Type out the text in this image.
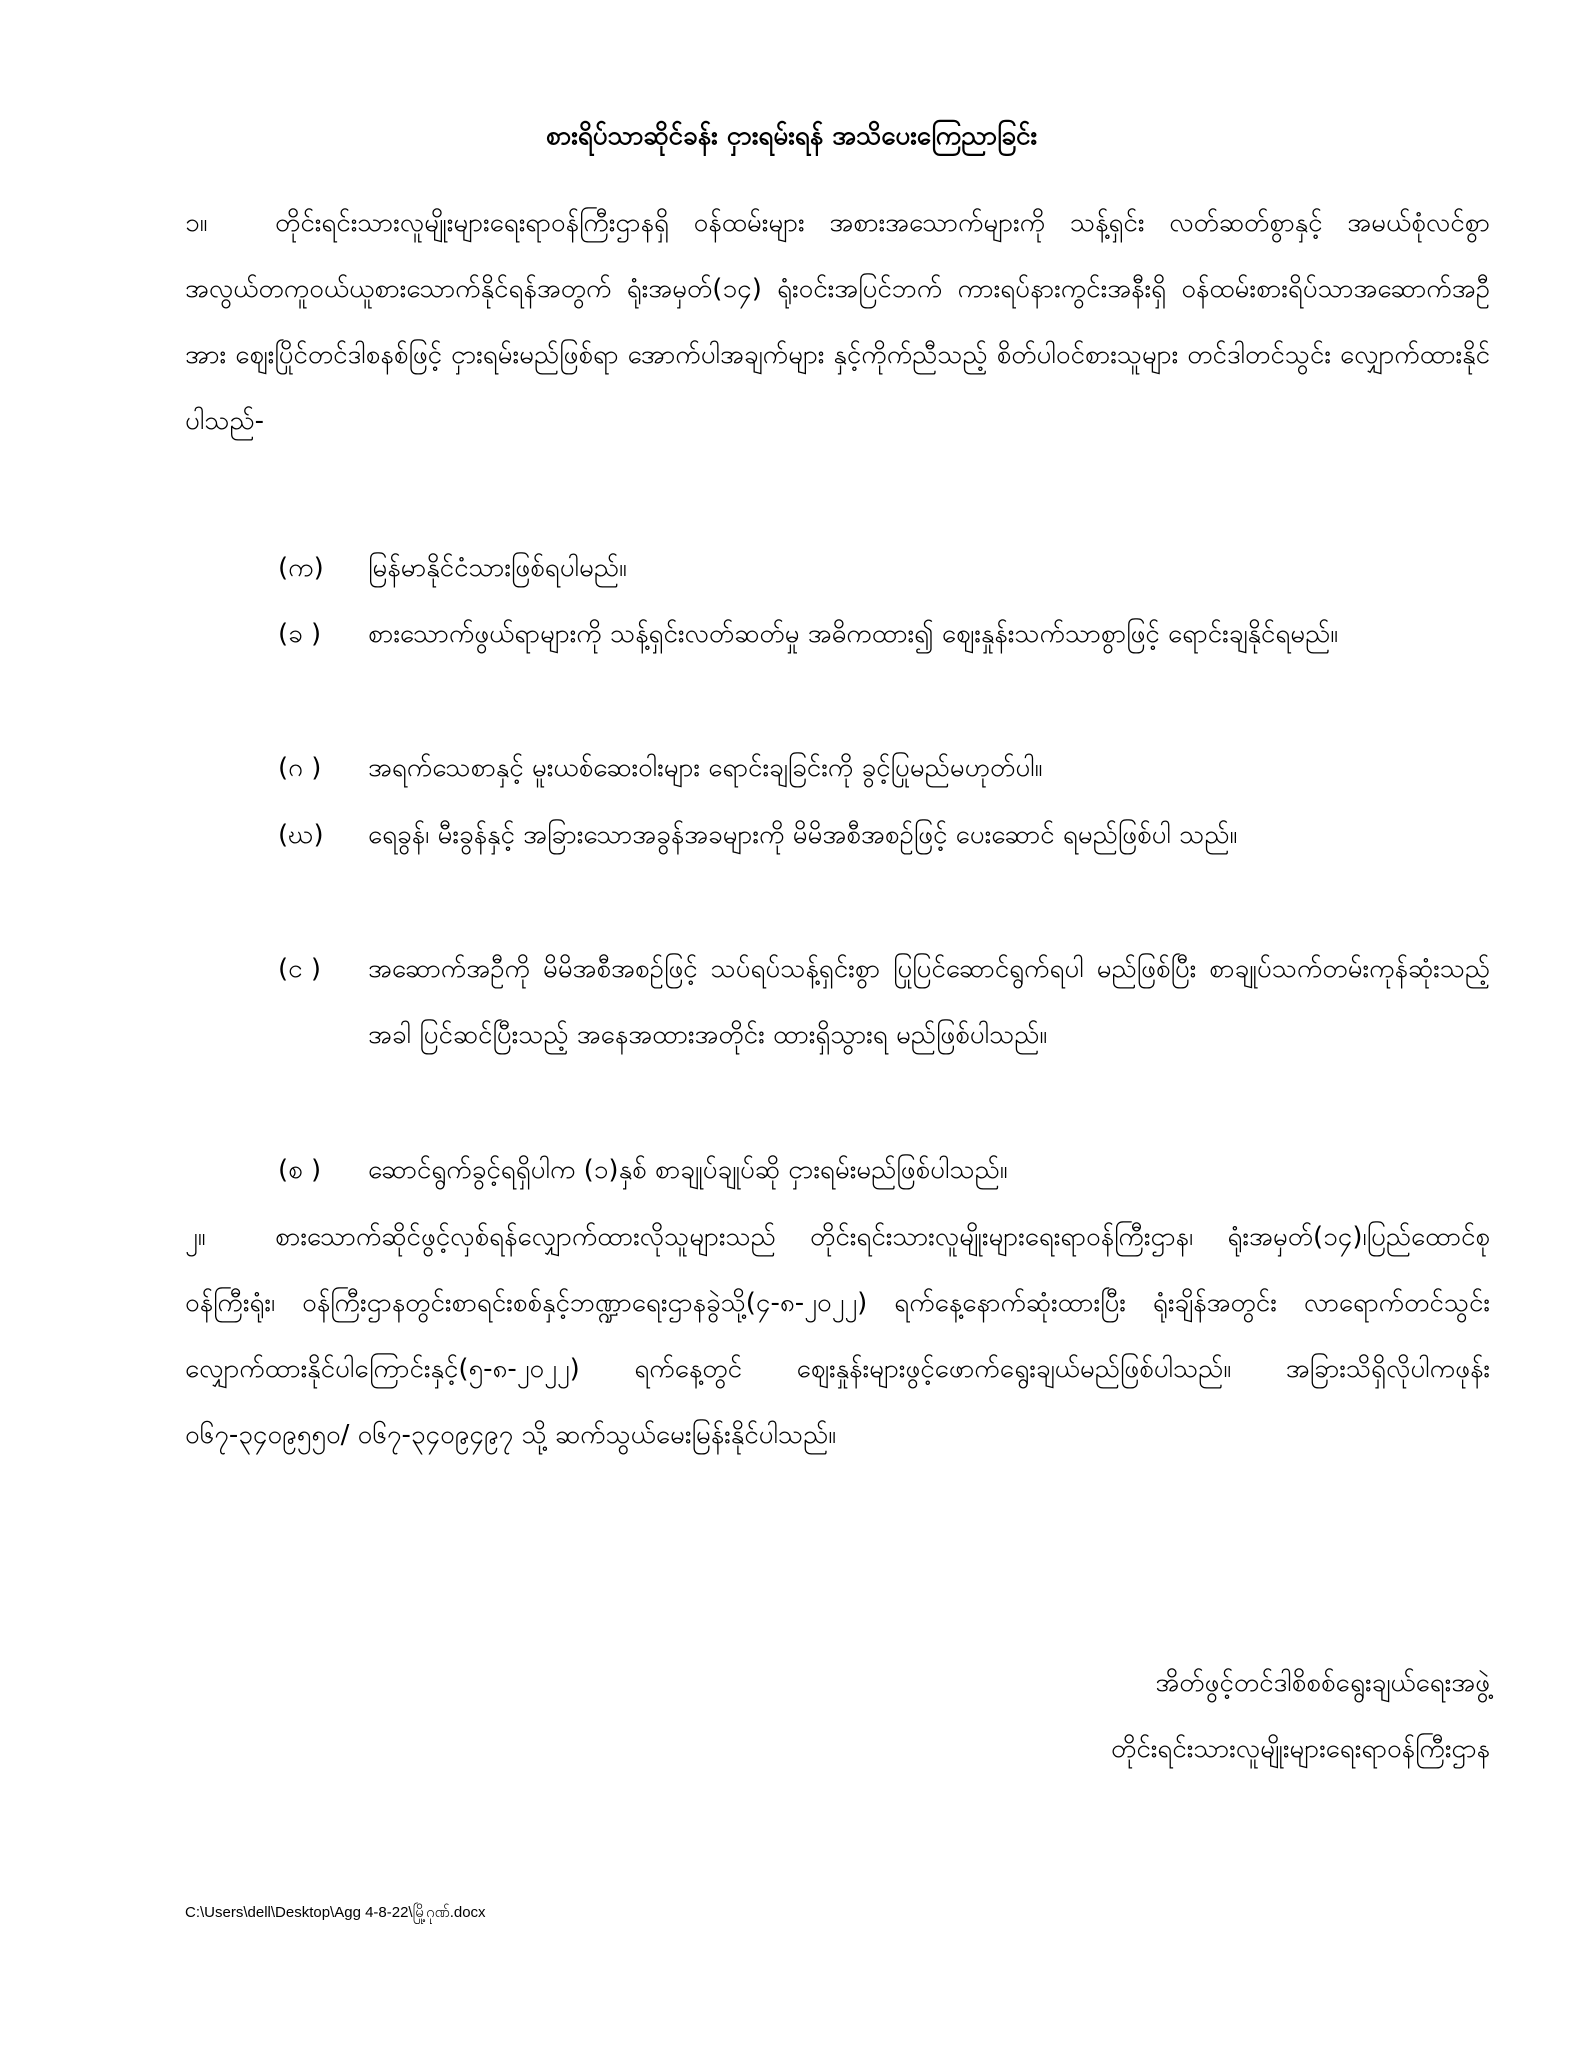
စားရိပ်သာဆိုင်ခန်း ငှားရမ်းရန် အသိပေးကြေညာခြင်း
၁။	တိုင်းရင်းသားလူမျိုးများရေးရာဝန်ကြီးဌာနရှိ ဝန်ထမ်းများ အစားအသောက်များကို သန့်ရှင်း လတ်ဆတ်စွာနှင့် အမယ်စုံလင်စွာ အလွယ်တကူဝယ်ယူစားသောက်နိုင်ရန်အတွက် ရုံးအမှတ်(၁၄) ရုံးဝင်းအပြင်ဘက် ကားရပ်နားကွင်းအနီးရှိ ဝန်ထမ်းစားရိပ်သာအဆောက်အဦအား ဈေးပြိုင်တင်ဒါစနစ်ဖြင့် ငှားရမ်းမည်ဖြစ်ရာ အောက်ပါအချက်များ နှင့်ကိုက်ညီသည့် စိတ်ပါဝင်စားသူများ တင်ဒါတင်သွင်း လျှောက်ထားနိုင်ပါသည်-
(က)	မြန်မာနိုင်ငံသားဖြစ်ရပါမည်။
(ခ )	စားသောက်ဖွယ်ရာများကို သန့်ရှင်းလတ်ဆတ်မှု အဓိကထား၍ ဈေးနှုန်းသက်သာစွာဖြင့် ရောင်းချနိုင်ရမည်။
(ဂ )	အရက်သေစာနှင့် မူးယစ်ဆေးဝါးများ ရောင်းချခြင်းကို ခွင့်ပြုမည်မဟုတ်ပါ။
(ဃ)	ရေခွန်၊ မီးခွန်နှင့် အခြားသောအခွန်အခများကို မိမိအစီအစဉ်ဖြင့် ပေးဆောင် ရမည်ဖြစ်ပါ သည်။
(င )	အဆောက်အဦကို မိမိအစီအစဉ်ဖြင့် သပ်ရပ်သန့်ရှင်းစွာ ပြုပြင်ဆောင်ရွက်ရပါ မည်ဖြစ်ပြီး စာချုပ်သက်တမ်းကုန်ဆုံးသည့်အခါ ပြင်ဆင်ပြီးသည့် အနေအထားအတိုင်း ထားရှိသွားရ မည်ဖြစ်ပါသည်။
(စ )	ဆောင်ရွက်ခွင့်ရရှိပါက (၁)နှစ် စာချုပ်ချုပ်ဆို ငှားရမ်းမည်ဖြစ်ပါသည်။
၂။	စားသောက်ဆိုင်ဖွင့်လှစ်ရန်လျှောက်ထားလိုသူများသည် တိုင်းရင်းသားလူမျိုးများရေးရာဝန်ကြီးဌာန၊ ရုံးအမှတ်(၁၄)၊ပြည်ထောင်စုဝန်ကြီးရုံး၊ ဝန်ကြီးဌာနတွင်းစာရင်းစစ်နှင့်ဘဏ္ဍာရေးဌာနခွဲသို့(၄-၈-၂၀၂၂) ရက်နေ့နောက်ဆုံးထားပြီး ရုံးချိန်အတွင်း လာရောက်တင်သွင်းလျှောက်ထားနိုင်ပါကြောင်းနှင့်(၅-၈-၂၀၂၂) ရက်နေ့တွင် ဈေးနှုန်းများဖွင့်ဖောက်ရွေးချယ်မည်ဖြစ်ပါသည်။ အခြားသိရှိလိုပါကဖုန်း ၀၆၇-၃၄၀၉၅၅၀/ ၀၆၇-၃၄၀၉၄၉၇ သို့ ဆက်သွယ်မေးမြန်းနိုင်ပါသည်။
အိတ်ဖွင့်တင်ဒါစိစစ်ရွေးချယ်ရေးအဖွဲ့
တိုင်းရင်းသားလူမျိုးများရေးရာဝန်ကြီးဌာန
C:\Users\dell\Desktop\Agg 4-8-22\မြို့ဂုဏ်.docx
